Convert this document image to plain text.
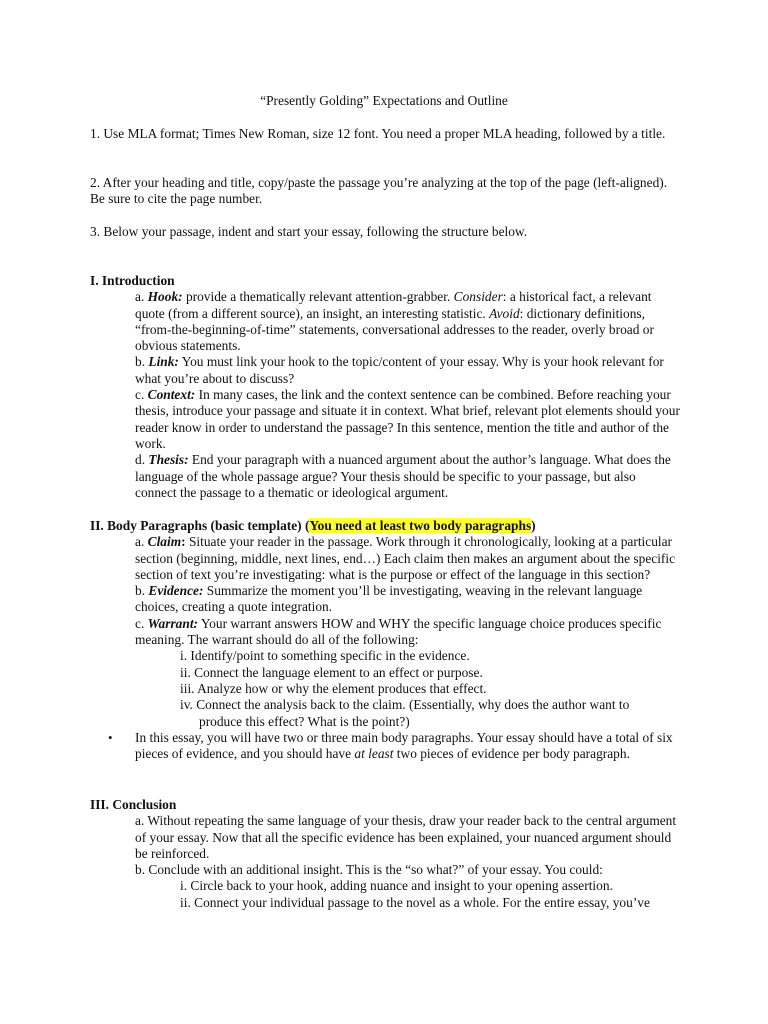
“Presently Golding” Expectations and Outline

1. Use MLA format; Times New Roman, size 12 font. You need a proper MLA heading, followed by a title.

2. After your heading and title, copy/paste the passage you’re analyzing at the top of the page (left-aligned). Be sure to cite the page number.

3. Below your passage, indent and start your essay, following the structure below.

I. Introduction

a. Hook: provide a thematically relevant attention-grabber. Consider: a historical fact, a relevant quote (from a different source), an insight, an interesting statistic. Avoid: dictionary definitions, “from-the-beginning-of-time” statements, conversational addresses to the reader, overly broad or obvious statements.

b. Link: You must link your hook to the topic/content of your essay. Why is your hook relevant for what you’re about to discuss?

c. Context: In many cases, the link and the context sentence can be combined. Before reaching your thesis, introduce your passage and situate it in context. What brief, relevant plot elements should your reader know in order to understand the passage? In this sentence, mention the title and author of the work.

d. Thesis: End your paragraph with a nuanced argument about the author’s language. What does the language of the whole passage argue? Your thesis should be specific to your passage, but also connect the passage to a thematic or ideological argument.

II. Body Paragraphs (basic template) (You need at least two body paragraphs)

a. Claim: Situate your reader in the passage. Work through it chronologically, looking at a particular section (beginning, middle, next lines, end…) Each claim then makes an argument about the specific section of text you’re investigating: what is the purpose or effect of the language in this section?

b. Evidence: Summarize the moment you’ll be investigating, weaving in the relevant language choices, creating a quote integration.

c. Warrant: Your warrant answers HOW and WHY the specific language choice produces specific meaning. The warrant should do all of the following:

i. Identify/point to something specific in the evidence.

ii. Connect the language element to an effect or purpose.

iii. Analyze how or why the element produces that effect.

iv. Connect the analysis back to the claim. (Essentially, why does the author want to

produce this effect? What is the point?)

• In this essay, you will have two or three main body paragraphs. Your essay should have a total of six pieces of evidence, and you should have at least two pieces of evidence per body paragraph.

III. Conclusion

a. Without repeating the same language of your thesis, draw your reader back to the central argument of your essay. Now that all the specific evidence has been explained, your nuanced argument should be reinforced.

b. Conclude with an additional insight. This is the “so what?” of your essay. You could:

i. Circle back to your hook, adding nuance and insight to your opening assertion.

ii. Connect your individual passage to the novel as a whole. For the entire essay, you’ve
